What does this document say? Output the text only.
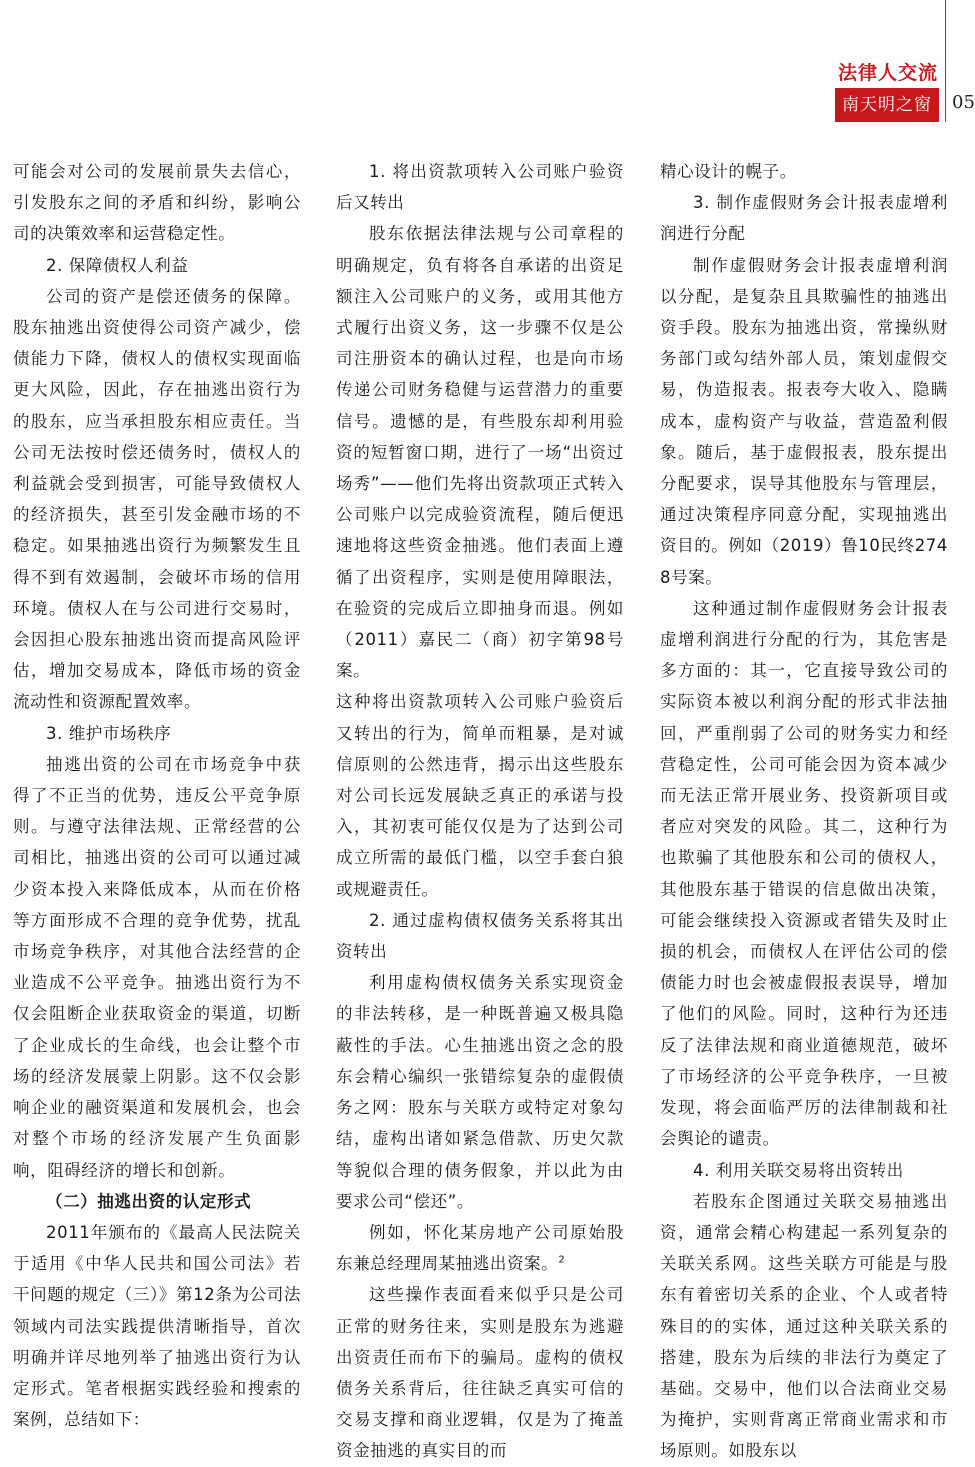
法律人交流
南天明之窗	05

可能会对公司的发展前景失去信心，引发股东之间的矛盾和纠纷，影响公司的决策效率和运营稳定性。

2. 保障债权人利益

公司的资产是偿还债务的保障。股东抽逃出资使得公司资产减少，偿债能力下降，债权人的债权实现面临更大风险，因此，存在抽逃出资行为的股东，应当承担股东相应责任。当公司无法按时偿还债务时，债权人的利益就会受到损害，可能导致债权人的经济损失，甚至引发金融市场的不稳定。如果抽逃出资行为频繁发生且得不到有效遏制，会破坏市场的信用环境。债权人在与公司进行交易时，会因担心股东抽逃出资而提高风险评估，增加交易成本，降低市场的资金流动性和资源配置效率。

3. 维护市场秩序

抽逃出资的公司在市场竞争中获得了不正当的优势，违反公平竞争原则。与遵守法律法规、正常经营的公司相比，抽逃出资的公司可以通过减少资本投入来降低成本，从而在价格等方面形成不合理的竞争优势，扰乱市场竞争秩序，对其他合法经营的企业造成不公平竞争。抽逃出资行为不仅会阻断企业获取资金的渠道，切断了企业成长的生命线，也会让整个市场的经济发展蒙上阴影。这不仅会影响企业的融资渠道和发展机会，也会对整个市场的经济发展产生负面影响，阻碍经济的增长和创新。

（二）抽逃出资的认定形式

2011年颁布的《最高人民法院关于适用《中华人民共和国公司法》若干问题的规定（三）》第12条为公司法领域内司法实践提供清晰指导，首次明确并详尽地列举了抽逃出资行为认定形式。笔者根据实践经验和搜索的案例，总结如下：

1. 将出资款项转入公司账户验资后又转出

股东依据法律法规与公司章程的明确规定，负有将各自承诺的出资足额注入公司账户的义务，或用其他方式履行出资义务，这一步骤不仅是公司注册资本的确认过程，也是向市场传递公司财务稳健与运营潜力的重要信号。遗憾的是，有些股东却利用验资的短暂窗口期，进行了一场“出资过场秀”——他们先将出资款项正式转入公司账户以完成验资流程，随后便迅速地将这些资金抽逃。他们表面上遵循了出资程序，实则是使用障眼法，在验资的完成后立即抽身而退。例如（2011）嘉民二（商）初字第98号案。

这种将出资款项转入公司账户验资后又转出的行为，简单而粗暴，是对诚信原则的公然违背，揭示出这些股东对公司长远发展缺乏真正的承诺与投入，其初衷可能仅仅是为了达到公司成立所需的最低门槛，以空手套白狼或规避责任。

2. 通过虚构债权债务关系将其出资转出

利用虚构债权债务关系实现资金的非法转移，是一种既普遍又极具隐蔽性的手法。心生抽逃出资之念的股东会精心编织一张错综复杂的虚假债务之网：股东与关联方或特定对象勾结，虚构出诸如紧急借款、历史欠款等貌似合理的债务假象，并以此为由要求公司“偿还”。

例如，怀化某房地产公司原始股东兼总经理周某抽逃出资案。$^2$

这些操作表面看来似乎只是公司正常的财务往来，实则是股东为逃避出资责任而布下的骗局。虚构的债权债务关系背后，往往缺乏真实可信的交易支撑和商业逻辑，仅是为了掩盖资金抽逃的真实目的而

精心设计的幌子。

3. 制作虚假财务会计报表虚增利润进行分配

制作虚假财务会计报表虚增利润以分配，是复杂且具欺骗性的抽逃出资手段。股东为抽逃出资，常操纵财务部门或勾结外部人员，策划虚假交易，伪造报表。报表夸大收入、隐瞒成本，虚构资产与收益，营造盈利假象。随后，基于虚假报表，股东提出分配要求，误导其他股东与管理层，通过决策程序同意分配，实现抽逃出资目的。例如（2019）鲁10民终2748号案。

这种通过制作虚假财务会计报表虚增利润进行分配的行为，其危害是多方面的：其一，它直接导致公司的实际资本被以利润分配的形式非法抽回，严重削弱了公司的财务实力和经营稳定性，公司可能会因为资本减少而无法正常开展业务、投资新项目或者应对突发的风险。其二，这种行为也欺骗了其他股东和公司的债权人，其他股东基于错误的信息做出决策，可能会继续投入资源或者错失及时止损的机会，而债权人在评估公司的偿债能力时也会被虚假报表误导，增加了他们的风险。同时，这种行为还违反了法律法规和商业道德规范，破坏了市场经济的公平竞争秩序，一旦被发现，将会面临严厉的法律制裁和社会舆论的谴责。

4. 利用关联交易将出资转出

若股东企图通过关联交易抽逃出资，通常会精心构建起一系列复杂的关联关系网。这些关联方可能是与股东有着密切关系的企业、个人或者特殊目的的实体，通过这种关联关系的搭建，股东为后续的非法行为奠定了基础。交易中，他们以合法商业交易为掩护，实则背离正常商业需求和市场原则。如股东以
